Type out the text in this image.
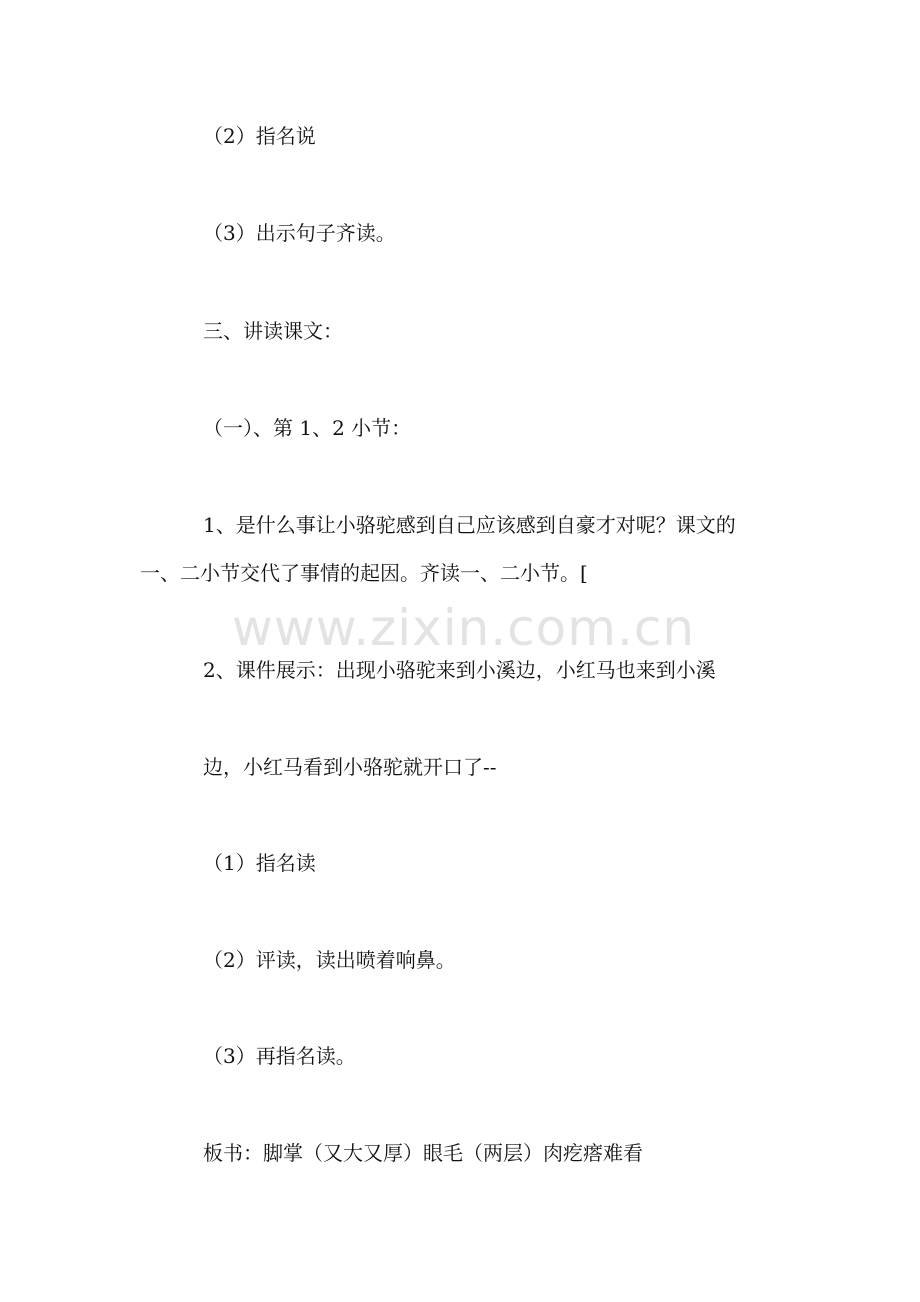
www.zixin.com.cn

（2）指名说

（3）出示句子齐读。

三、讲读课文：

（一）、第 1、2 小节：

1、是什么事让小骆驼感到自己应该感到自豪才对呢？课文的

一、二小节交代了事情的起因。齐读一、二小节。[

2、课件展示：出现小骆驼来到小溪边，小红马也来到小溪

边，小红马看到小骆驼就开口了--

（1）指名读

（2）评读，读出喷着响鼻。

（3）再指名读。

板书：脚掌（又大又厚）眼毛（两层）肉疙瘩难看
